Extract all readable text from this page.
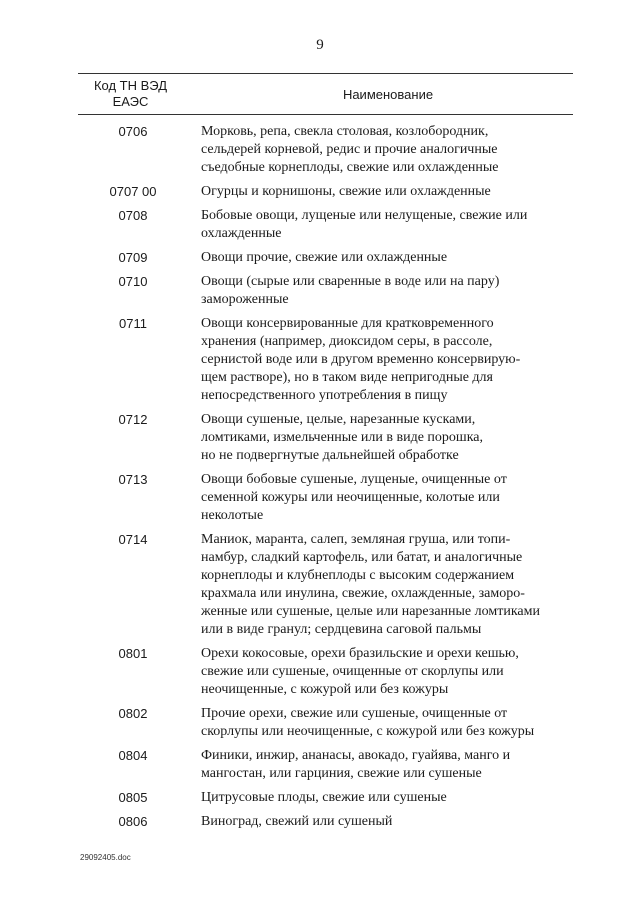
9
Код ТН ВЭД ЕАЭС	Наименование
0706	Морковь, репа, свекла столовая, козлобородник,
сельдерей корневой, редис и прочие аналогичные
съедобные корнеплоды, свежие или охлажденные
0707 00	Огурцы и корнишоны, свежие или охлажденные
0708	Бобовые овощи, лущеные или нелущеные, свежие или
охлажденные
0709	Овощи прочие, свежие или охлажденные
0710	Овощи (сырые или сваренные в воде или на пару)
замороженные
0711	Овощи консервированные для кратковременного
хранения (например, диоксидом серы, в рассоле,
сернистой воде или в другом временно консервирую-
щем растворе), но в таком виде непригодные для
непосредственного употребления в пищу
0712	Овощи сушеные, целые, нарезанные кусками,
ломтиками, измельченные или в виде порошка,
но не подвергнутые дальнейшей обработке
0713	Овощи бобовые сушеные, лущеные, очищенные от
семенной кожуры или неочищенные, колотые или
неколотые
0714	Маниок, маранта, салеп, земляная груша, или топи-
намбур, сладкий картофель, или батат, и аналогичные
корнеплоды и клубнеплоды с высоким содержанием
крахмала или инулина, свежие, охлажденные, заморо-
женные или сушеные, целые или нарезанные ломтиками
или в виде гранул; сердцевина саговой пальмы
0801	Орехи кокосовые, орехи бразильские и орехи кешью,
свежие или сушеные, очищенные от скорлупы или
неочищенные, с кожурой или без кожуры
0802	Прочие орехи, свежие или сушеные, очищенные от
скорлупы или неочищенные, с кожурой или без кожуры
0804	Финики, инжир, ананасы, авокадо, гуайява, манго и
мангостан, или гарциния, свежие или сушеные
0805	Цитрусовые плоды, свежие или сушеные
0806	Виноград, свежий или сушеный
29092405.doc
